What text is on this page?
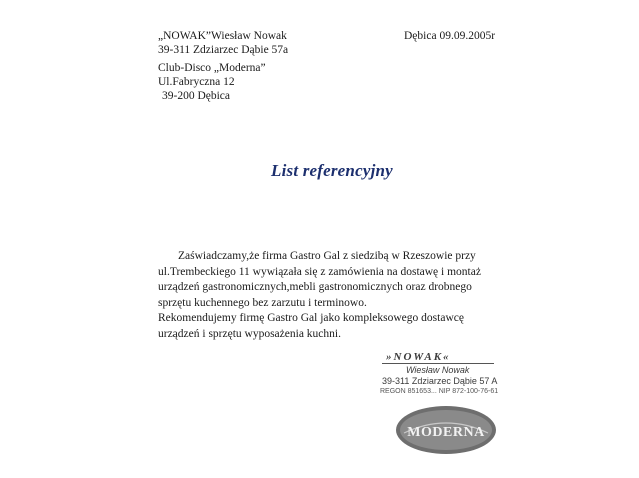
„NOWAK”Wiesław Nowak
39-311 Zdziarzec Dąbie 57a
Dębica 09.09.2005r
Club-Disco „Moderna”
Ul.Fabryczna 12
39-200 Dębica
List referencyjny
Zaświadczamy,że firma Gastro Gal z siedzibą w Rzeszowie przy
ul.Trembeckiego 11 wywiązała się z zamówienia na dostawę i montaż
urządzeń gastronomicznych,mebli gastronomicznych oraz drobnego
sprzętu kuchennego bez zarzutu i terminowo.
Rekomendujemy firmę Gastro Gal jako kompleksowego dostawcę
urządzeń i sprzętu wyposażenia kuchni.
»NOWAK«
Wiesław Nowak
39-311 Zdziarzec Dąbie 57 A
REGON 851653... NIP 872-100-76-61
MODERNA
